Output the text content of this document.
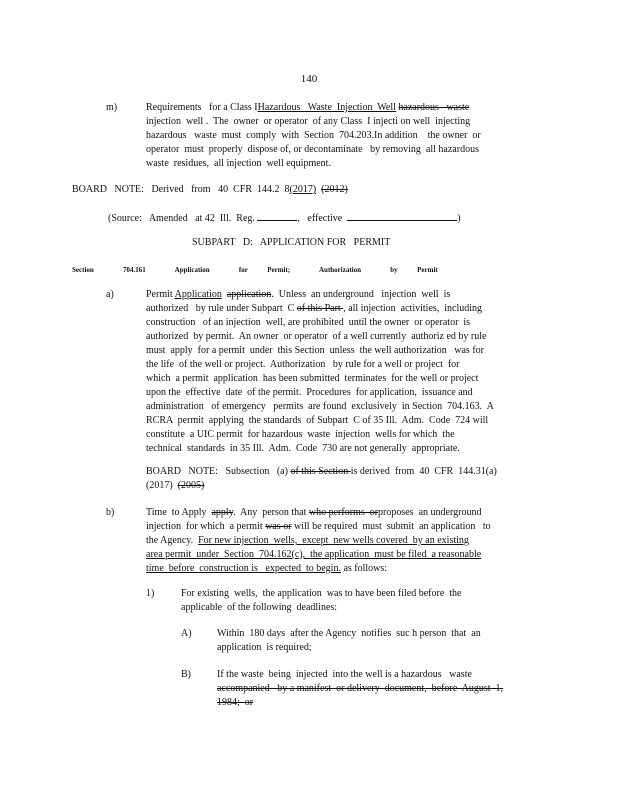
140
m)	Requirements   for a Class IHazardous   Waste  Injection  Well hazardous   waste
injection  well .  The  owner  or operator  of any Class  I injecti on well  injecting
hazardous   waste  must  comply  with  Section  704.203.In addition    the owner  or
operator  must  properly  dispose of, or decontaminate   by removing  all hazardous
waste  residues,  all injection  well equipment.
BOARD   NOTE:   Derived   from   40  CFR  144.2  8(2017) (2012)
(Source:   Amended   at 42  Ill.  Reg.	,   effective	)
SUBPART   D:   APPLICATION FOR   PERMIT
Section   704.161   Application   for  Permit;   Authorization   by  Permit
a)	Permit Application application.  Unless  an underground   injection  well  is
authorized   by rule under Subpart  C of this Part , all injection  activities,  including
construction   of an injection  well, are prohibited  until the owner  or operator  is
authorized  by permit.  An owner  or operator  of a well currently  authoriz ed by rule
must  apply  for a permit  under  this Section  unless  the well authorization   was for
the life  of the well or project.  Authorization   by rule for a well or project  for
which  a permit  application  has been submitted  terminates  for the well or project
upon the  effective  date  of the permit.  Procedures  for application,  issuance and
administration   of emergency   permits  are found  exclusively  in Section  704.163.  A
RCRA  permit  applying  the standards  of Subpart  C of 35 Ill.  Adm.  Code  724 will
constitute  a UIC permit  for hazardous  waste  injection  wells for which  the
technical  standards  in 35 Ill.  Adm.  Code  730 are not generally  appropriate.
BOARD   NOTE:   Subsection   (a) of this Section is derived  from  40  CFR  144.31(a)
(2017) (2005)
b)	Time  to Apply apply.  Any  person that who performs  orproposes  an underground
injection  for which  a permit was or will be required  must  submit  an application   to
the Agency. For new injection  wells,  except  new wells covered  by an existing
area permit  under  Section  704.162(c),  the application  must be filed  a reasonable
time  before  construction is   expected  to begin. as follows:
1)	For existing  wells,  the application  was to have been filed before  the
applicable  of the following  deadlines:
A)	Within  180 days  after the Agency  notifies  suc h person  that  an
application  is required;
B)	If the waste  being  injected  into the well is a hazardous   waste
accompanied   by a manifest  or delivery  document,  before  August  1,
1984;  or
